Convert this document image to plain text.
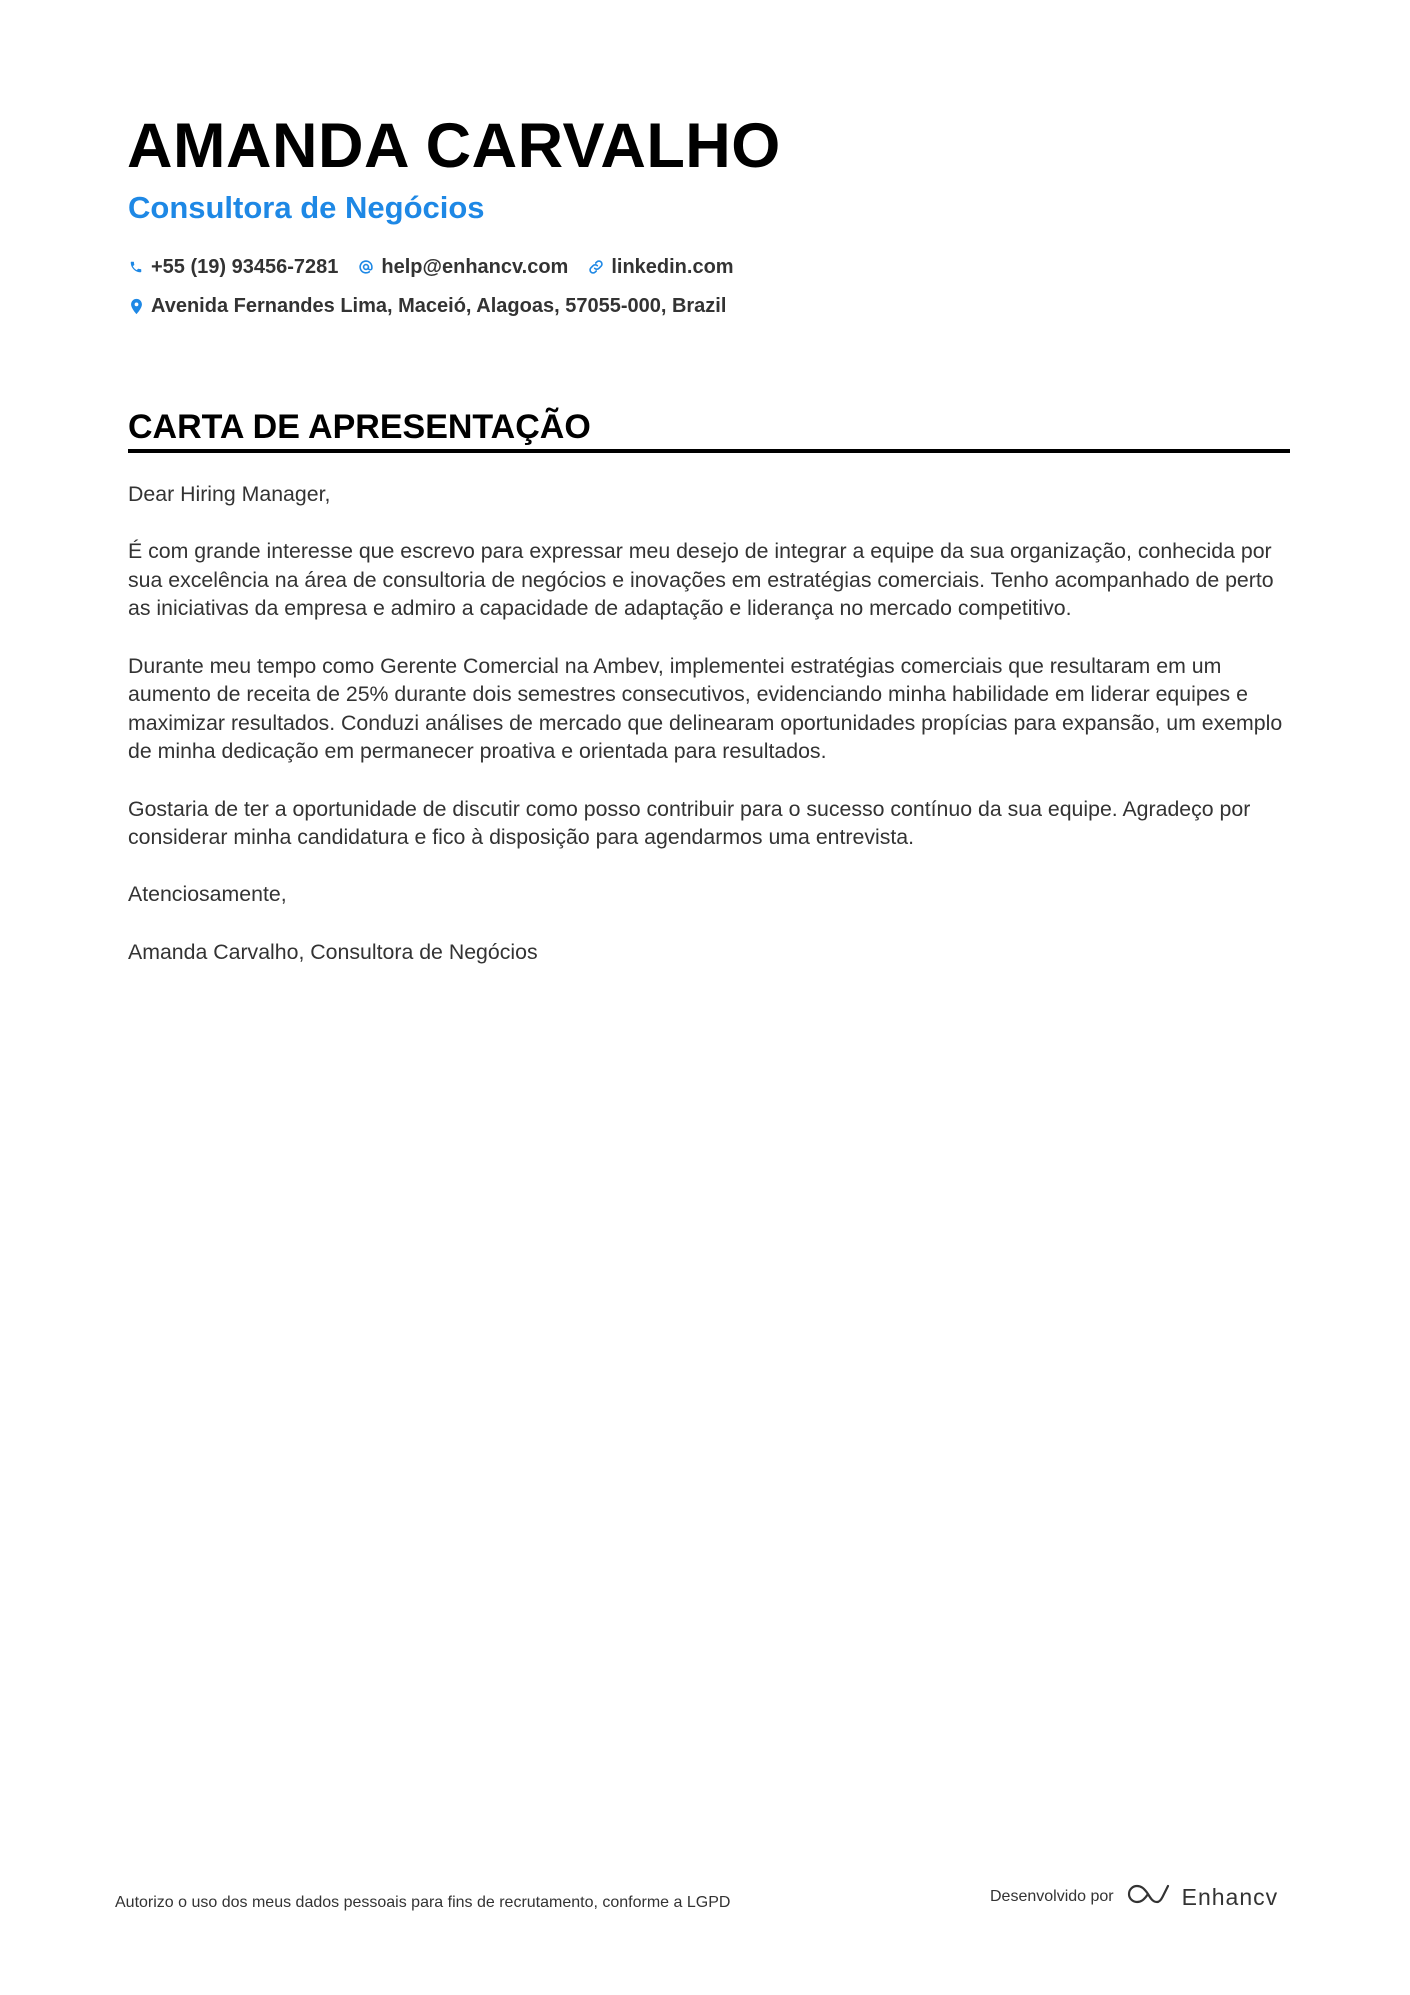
AMANDA CARVALHO
Consultora de Negócios
+55 (19) 93456-7281 help@enhancv.com linkedin.com
Avenida Fernandes Lima, Maceió, Alagoas, 57055-000, Brazil
CARTA DE APRESENTAÇÃO

Dear Hiring Manager,

É com grande interesse que escrevo para expressar meu desejo de integrar a equipe da sua organização, conhecida por sua excelência na área de consultoria de negócios e inovações em estratégias comerciais. Tenho acompanhado de perto as iniciativas da empresa e admiro a capacidade de adaptação e liderança no mercado competitivo.

Durante meu tempo como Gerente Comercial na Ambev, implementei estratégias comerciais que resultaram em um aumento de receita de 25% durante dois semestres consecutivos, evidenciando minha habilidade em liderar equipes e maximizar resultados. Conduzi análises de mercado que delinearam oportunidades propícias para expansão, um exemplo de minha dedicação em permanecer proativa e orientada para resultados.

Gostaria de ter a oportunidade de discutir como posso contribuir para o sucesso contínuo da sua equipe. Agradeço por considerar minha candidatura e fico à disposição para agendarmos uma entrevista.

Atenciosamente,

Amanda Carvalho, Consultora de Negócios

Autorizo o uso dos meus dados pessoais para fins de recrutamento, conforme a LGPD	Desenvolvido por	Enhancv
